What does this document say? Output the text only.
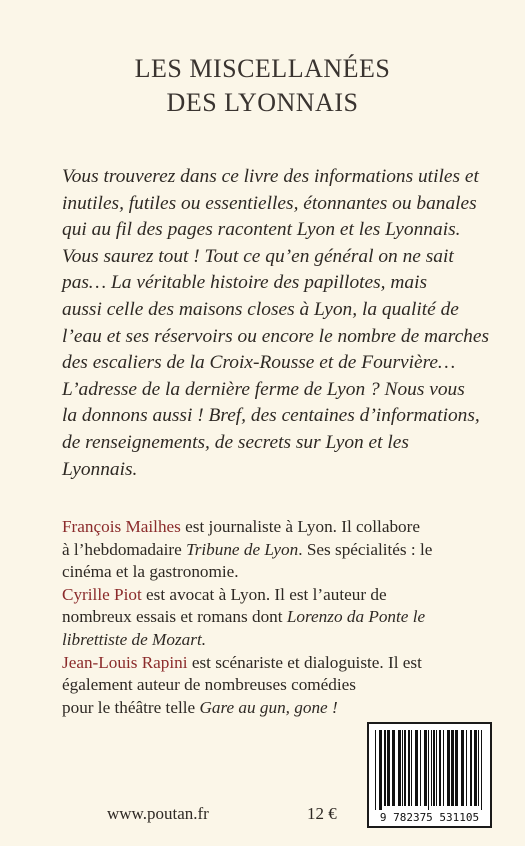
LES MISCELLANÉES
DES LYONNAIS
Vous trouverez dans ce livre des informations utiles et
inutiles, futiles ou essentielles, étonnantes ou banales
qui au fil des pages racontent Lyon et les Lyonnais.
Vous saurez tout ! Tout ce qu’en général on ne sait
pas… La véritable histoire des papillotes, mais
aussi celle des maisons closes à Lyon, la qualité de
l’eau et ses réservoirs ou encore le nombre de marches
des escaliers de la Croix-Rousse et de Fourvière…
L’adresse de la dernière ferme de Lyon ? Nous vous
la donnons aussi ! Bref, des centaines d’informations,
de renseignements, de secrets sur Lyon et les
Lyonnais.
François Mailhes est journaliste à Lyon. Il collabore
à l’hebdomadaire Tribune de Lyon. Ses spécialités : le
cinéma et la gastronomie.
Cyrille Piot est avocat à Lyon. Il est l’auteur de
nombreux essais et romans dont Lorenzo da Ponte le
librettiste de Mozart.
Jean-Louis Rapini est scénariste et dialoguiste. Il est
également auteur de nombreuses comédies
pour le théâtre telle Gare au gun, gone !
www.poutan.fr	12 €	9 782375 531105
